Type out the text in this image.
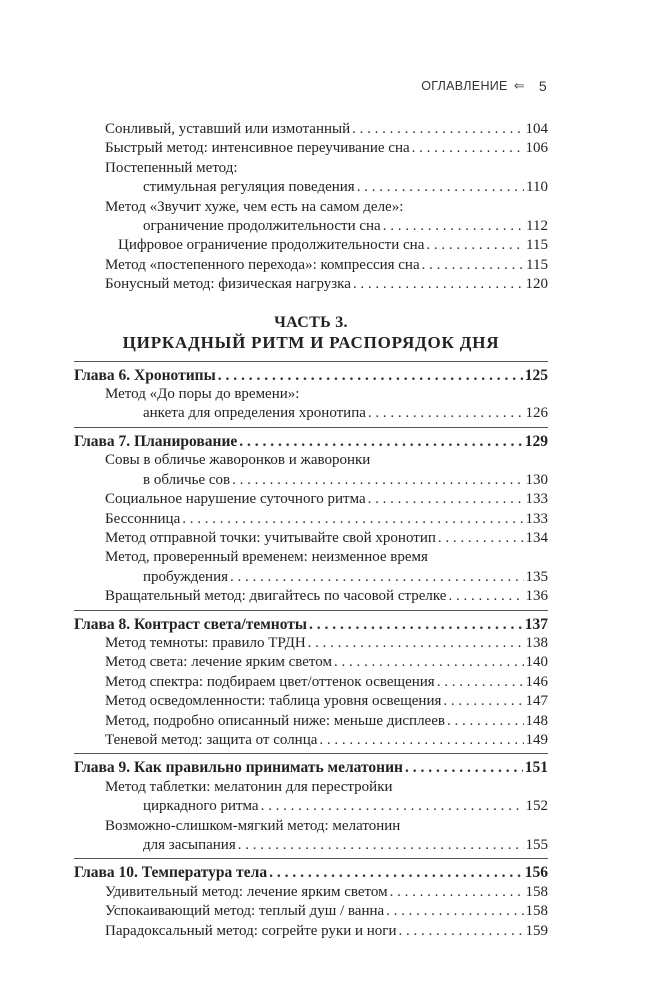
ОГЛАВЛЕНИЕ ⇐ 5
Сонливый, уставший или измотанный . . .	104
Быстрый метод: интенсивное переучивание сна . . .	106
Постепенный метод:
стимульная регуляция поведения . . .	110
Метод «Звучит хуже, чем есть на самом деле»:
ограничение продолжительности сна . . .	112
Цифровое ограничение продолжительности сна . . .	115
Метод «постепенного перехода»: компрессия сна . . .	115
Бонусный метод: физическая нагрузка . . .	120
ЧАСТЬ 3.
ЦИРКАДНЫЙ РИТМ И РАСПОРЯДОК ДНЯ
Глава 6. Хронотипы . . .	125
Метод «До поры до времени»:
анкета для определения хронотипа . . .	126
Глава 7. Планирование . . .	129
Совы в обличье жаворонков и жаворонки
в обличье сов . . .	130
Социальное нарушение суточного ритма . . .	133
Бессонница . . .	133
Метод отправной точки: учитывайте свой хронотип . . .	134
Метод, проверенный временем: неизменное время
пробуждения . . .	135
Вращательный метод: двигайтесь по часовой стрелке . . .	136
Глава 8. Контраст света/темноты . . .	137
Метод темноты: правило ТРДН . . .	138
Метод света: лечение ярким светом . . .	140
Метод спектра: подбираем цвет/оттенок освещения . . .	146
Метод осведомленности: таблица уровня освещения . . .	147
Метод, подробно описанный ниже: меньше дисплеев . . .	148
Теневой метод: защита от солнца . . .	149
Глава 9. Как правильно принимать мелатонин . . .	151
Метод таблетки: мелатонин для перестройки
циркадного ритма . . .	152
Возможно-слишком-мягкий метод: мелатонин
для засыпания . . .	155
Глава 10. Температура тела . . .	156
Удивительный метод: лечение ярким светом . . .	158
Успокаивающий метод: теплый душ / ванна . . .	158
Парадоксальный метод: согрейте руки и ноги . . .	159
